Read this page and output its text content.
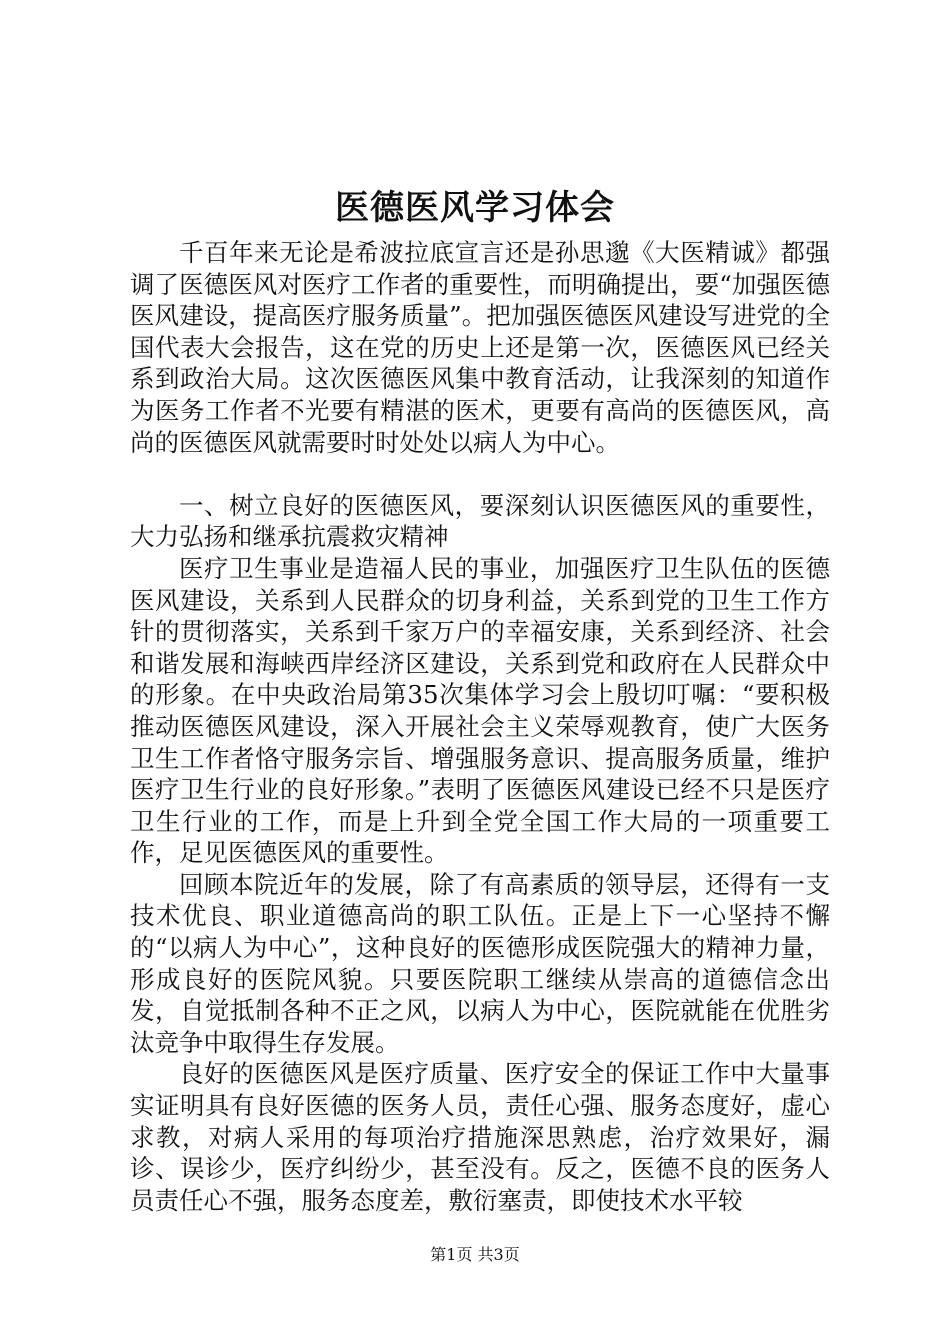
医德医风学习体会

千百年来无论是希波拉底宣言还是孙思邈《大医精诚》都强调了医德医风对医疗工作者的重要性，而明确提出，要“加强医德医风建设，提高医疗服务质量”。把加强医德医风建设写进党的全国代表大会报告，这在党的历史上还是第一次，医德医风已经关系到政治大局。这次医德医风集中教育活动，让我深刻的知道作为医务工作者不光要有精湛的医术，更要有高尚的医德医风，高尚的医德医风就需要时时处处以病人为中心。

一、树立良好的医德医风，要深刻认识医德医风的重要性，大力弘扬和继承抗震救灾精神

医疗卫生事业是造福人民的事业，加强医疗卫生队伍的医德医风建设，关系到人民群众的切身利益，关系到党的卫生工作方针的贯彻落实，关系到千家万户的幸福安康，关系到经济、社会和谐发展和海峡西岸经济区建设，关系到党和政府在人民群众中的形象。在中央政治局第35次集体学习会上殷切叮嘱：“要积极推动医德医风建设，深入开展社会主义荣辱观教育，使广大医务卫生工作者恪守服务宗旨、增强服务意识、提高服务质量，维护医疗卫生行业的良好形象。”表明了医德医风建设已经不只是医疗卫生行业的工作，而是上升到全党全国工作大局的一项重要工作，足见医德医风的重要性。

回顾本院近年的发展，除了有高素质的领导层，还得有一支技术优良、职业道德高尚的职工队伍。正是上下一心坚持不懈的“以病人为中心”，这种良好的医德形成医院强大的精神力量，形成良好的医院风貌。只要医院职工继续从崇高的道德信念出发，自觉抵制各种不正之风，以病人为中心，医院就能在优胜劣汰竞争中取得生存发展。

良好的医德医风是医疗质量、医疗安全的保证工作中大量事实证明具有良好医德的医务人员，责任心强、服务态度好，虚心求教，对病人采用的每项治疗措施深思熟虑，治疗效果好，漏诊、误诊少，医疗纠纷少，甚至没有。反之，医德不良的医务人员责任心不强，服务态度差，敷衍塞责，即使技术水平较

第1页 共3页
